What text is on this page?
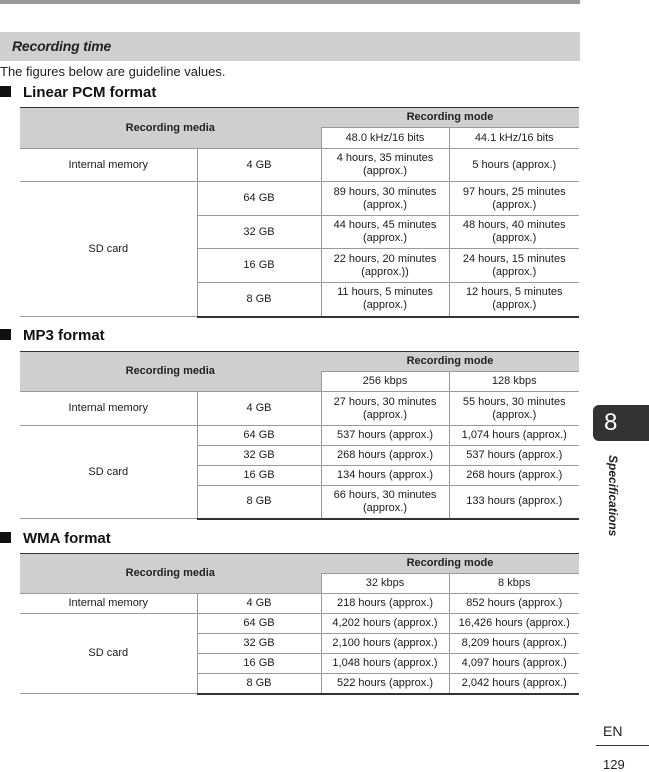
Recording time
The figures below are guideline values.
Linear PCM format
Recording media		Recording mode	
		48.0 kHz/16 bits	44.1 kHz/16 bits
Internal memory	4 GB	4 hours, 35 minutes (approx.)	5 hours (approx.)
SD card	64 GB	89 hours, 30 minutes (approx.)	97 hours, 25 minutes (approx.)
	32 GB	44 hours, 45 minutes (approx.)	48 hours, 40 minutes (approx.)
	16 GB	22 hours, 20 minutes (approx.))	24 hours, 15 minutes (approx.)
	8 GB	11 hours, 5 minutes (approx.)	12 hours, 5 minutes (approx.)
MP3 format
Recording media		Recording mode	
		256 kbps	128 kbps
Internal memory	4 GB	27 hours, 30 minutes (approx.)	55 hours, 30 minutes (approx.)
SD card	64 GB	537 hours (approx.)	1,074 hours (approx.)
	32 GB	268 hours (approx.)	537 hours (approx.)
	16 GB	134 hours (approx.)	268 hours (approx.)
	8 GB	66 hours, 30 minutes (approx.)	133 hours (approx.)
WMA format
Recording media		Recording mode	
		32 kbps	8 kbps
Internal memory	4 GB	218 hours (approx.)	852 hours (approx.)
SD card	64 GB	4,202 hours (approx.)	16,426 hours (approx.)
	32 GB	2,100 hours (approx.)	8,209 hours (approx.)
	16 GB	1,048 hours (approx.)	4,097 hours (approx.)
	8 GB	522 hours (approx.)	2,042 hours (approx.)
8
Specifications
EN
129
